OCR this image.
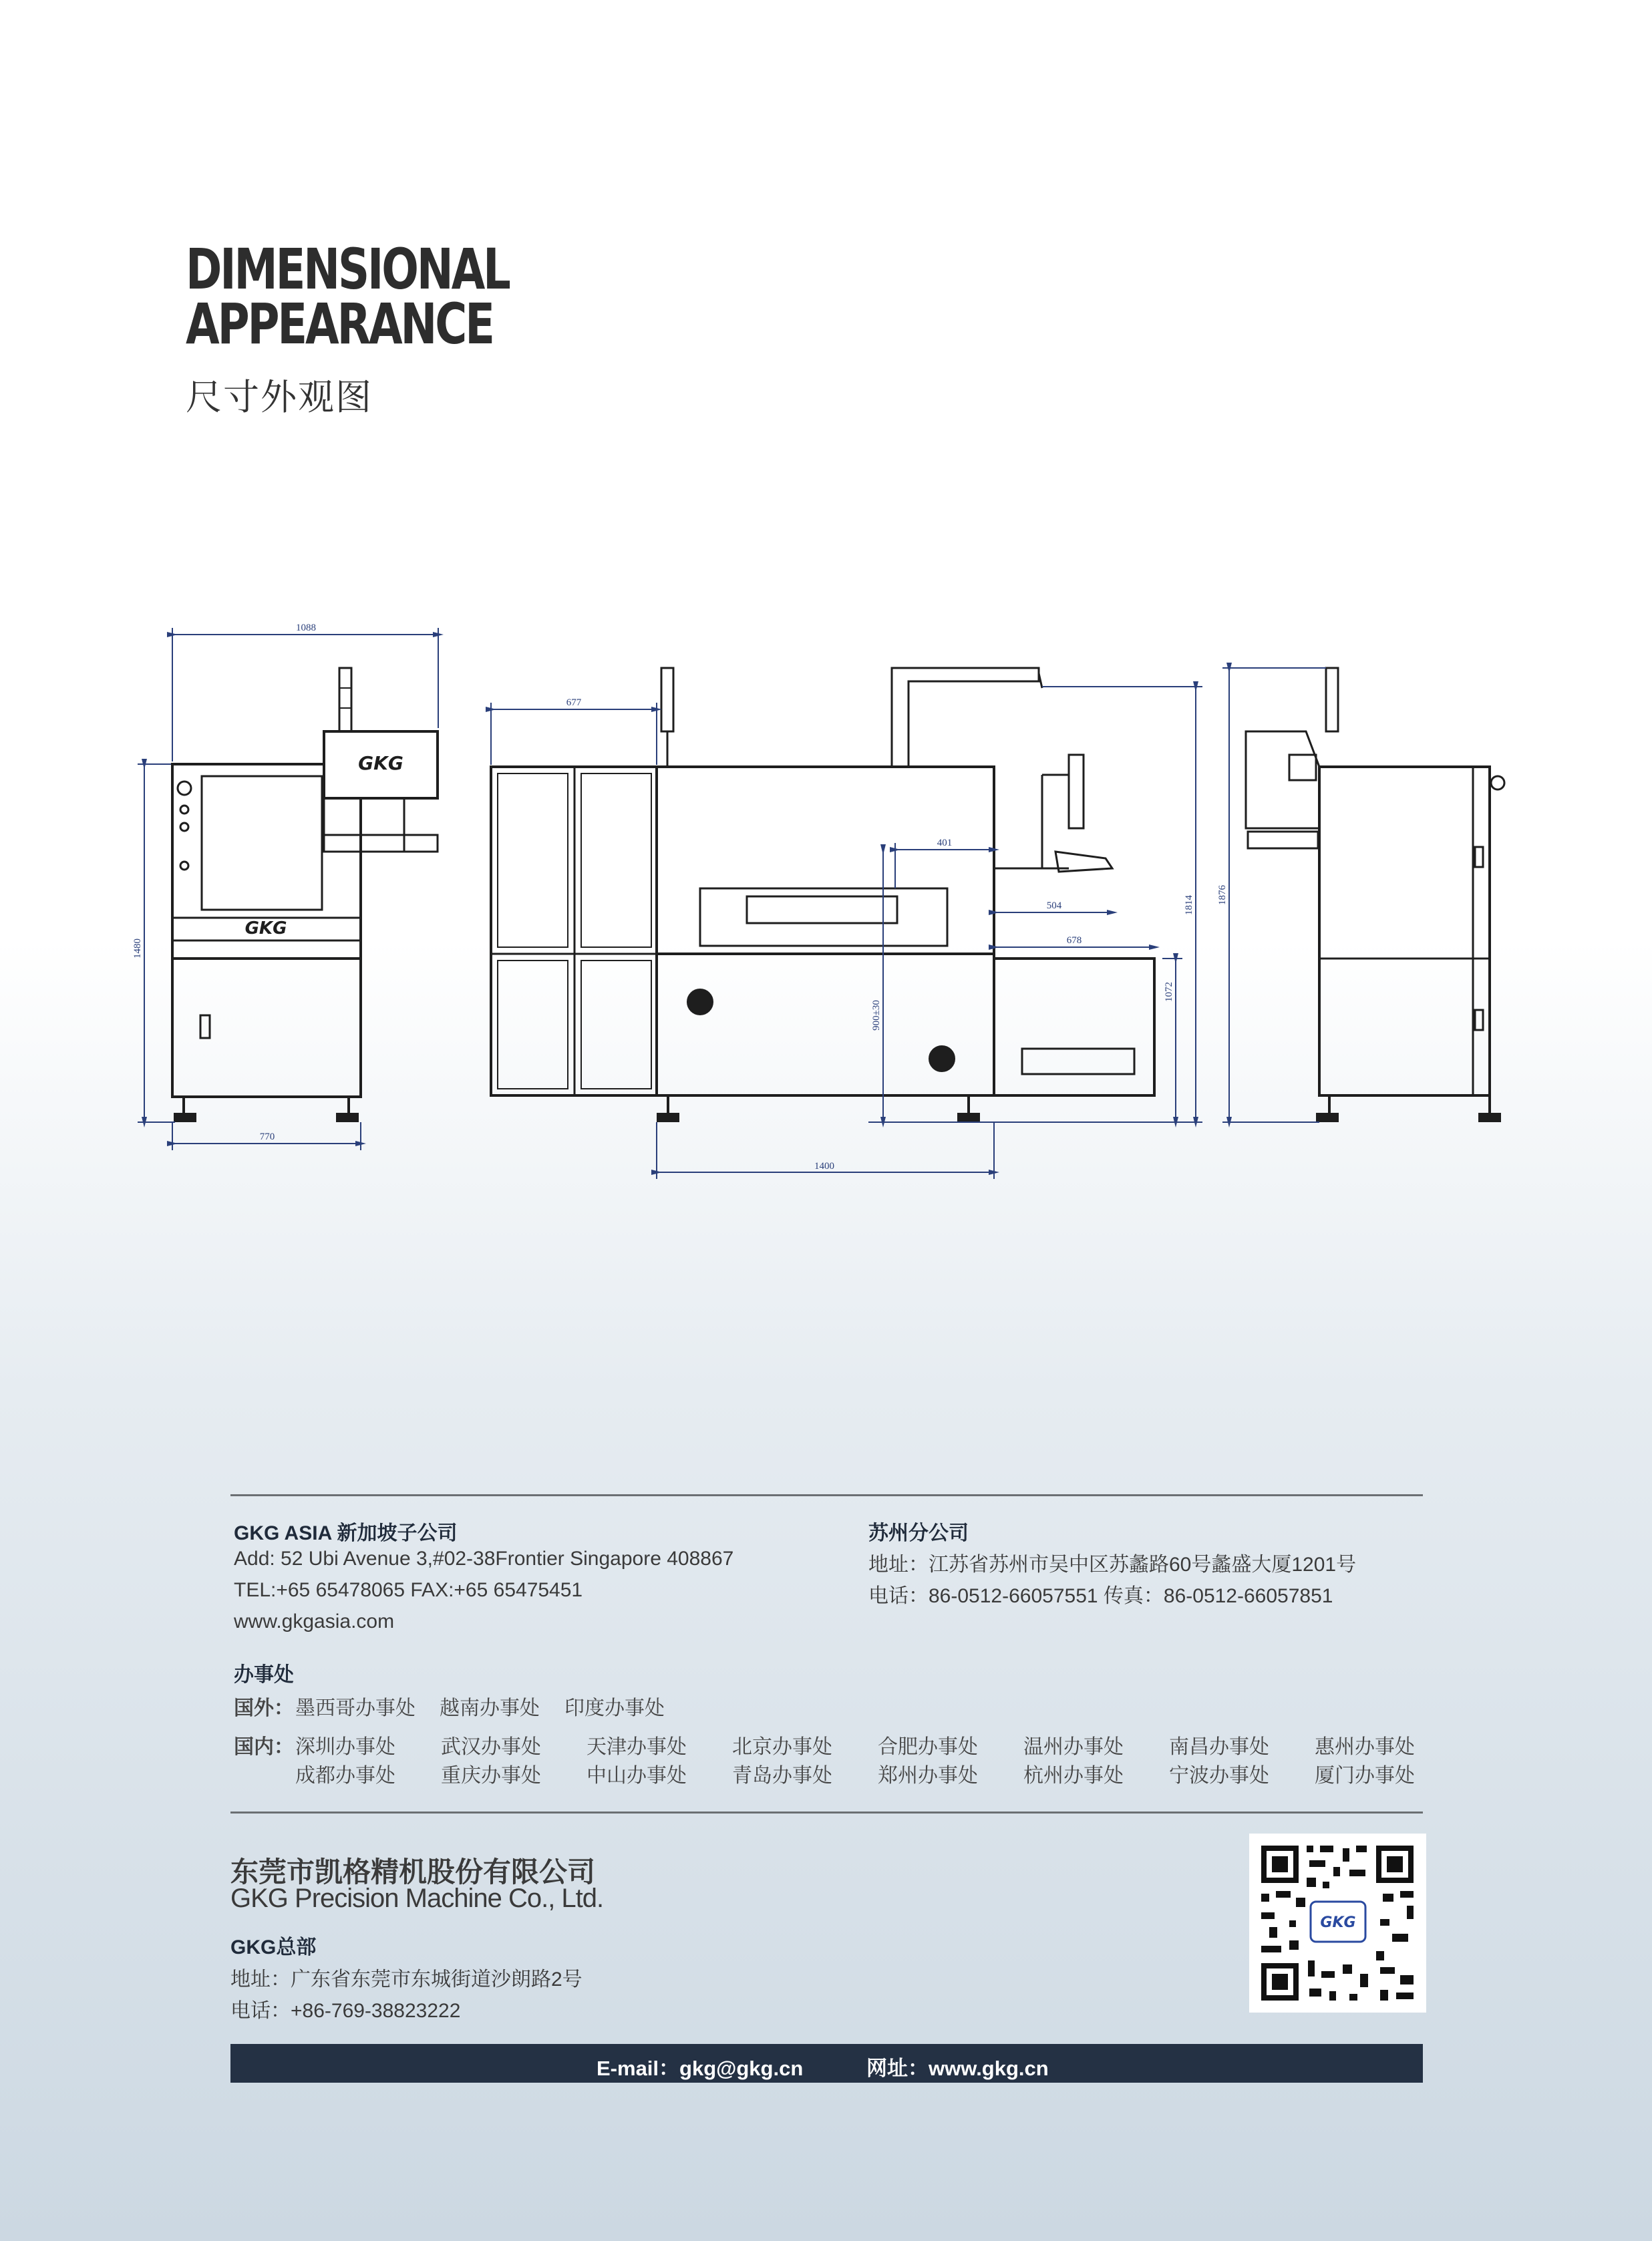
DIMENSIONAL
APPEARANCE
尺寸外观图
GKG
GKG
1088
1480
770
677
401
504
678
900±30
1072
1814
1400
1876
GKG ASIA 新加坡子公司
Add: 52 Ubi Avenue 3,#02-38Frontier Singapore 408867
TEL:+65 65478065 FAX:+65 65475451
www.gkgasia.com
苏州分公司
地址：江苏省苏州市吴中区苏蠡路60号蠡盛大厦1201号
电话：86-0512-66057551 传真：86-0512-66057851
办事处
国外： 墨西哥办事处 越南办事处 印度办事处
国内： 深圳办事处 武汉办事处 天津办事处 北京办事处 合肥办事处 温州办事处 南昌办事处 惠州办事处
成都办事处 重庆办事处 中山办事处 青岛办事处 郑州办事处 杭州办事处 宁波办事处 厦门办事处
东莞市凯格精机股份有限公司
GKG Precision Machine Co., Ltd.
GKG总部
地址：广东省东莞市东城街道沙朗路2号
电话：+86-769-38823222
GKG
E-mail：gkg@gkg.cn	网址：www.gkg.cn
